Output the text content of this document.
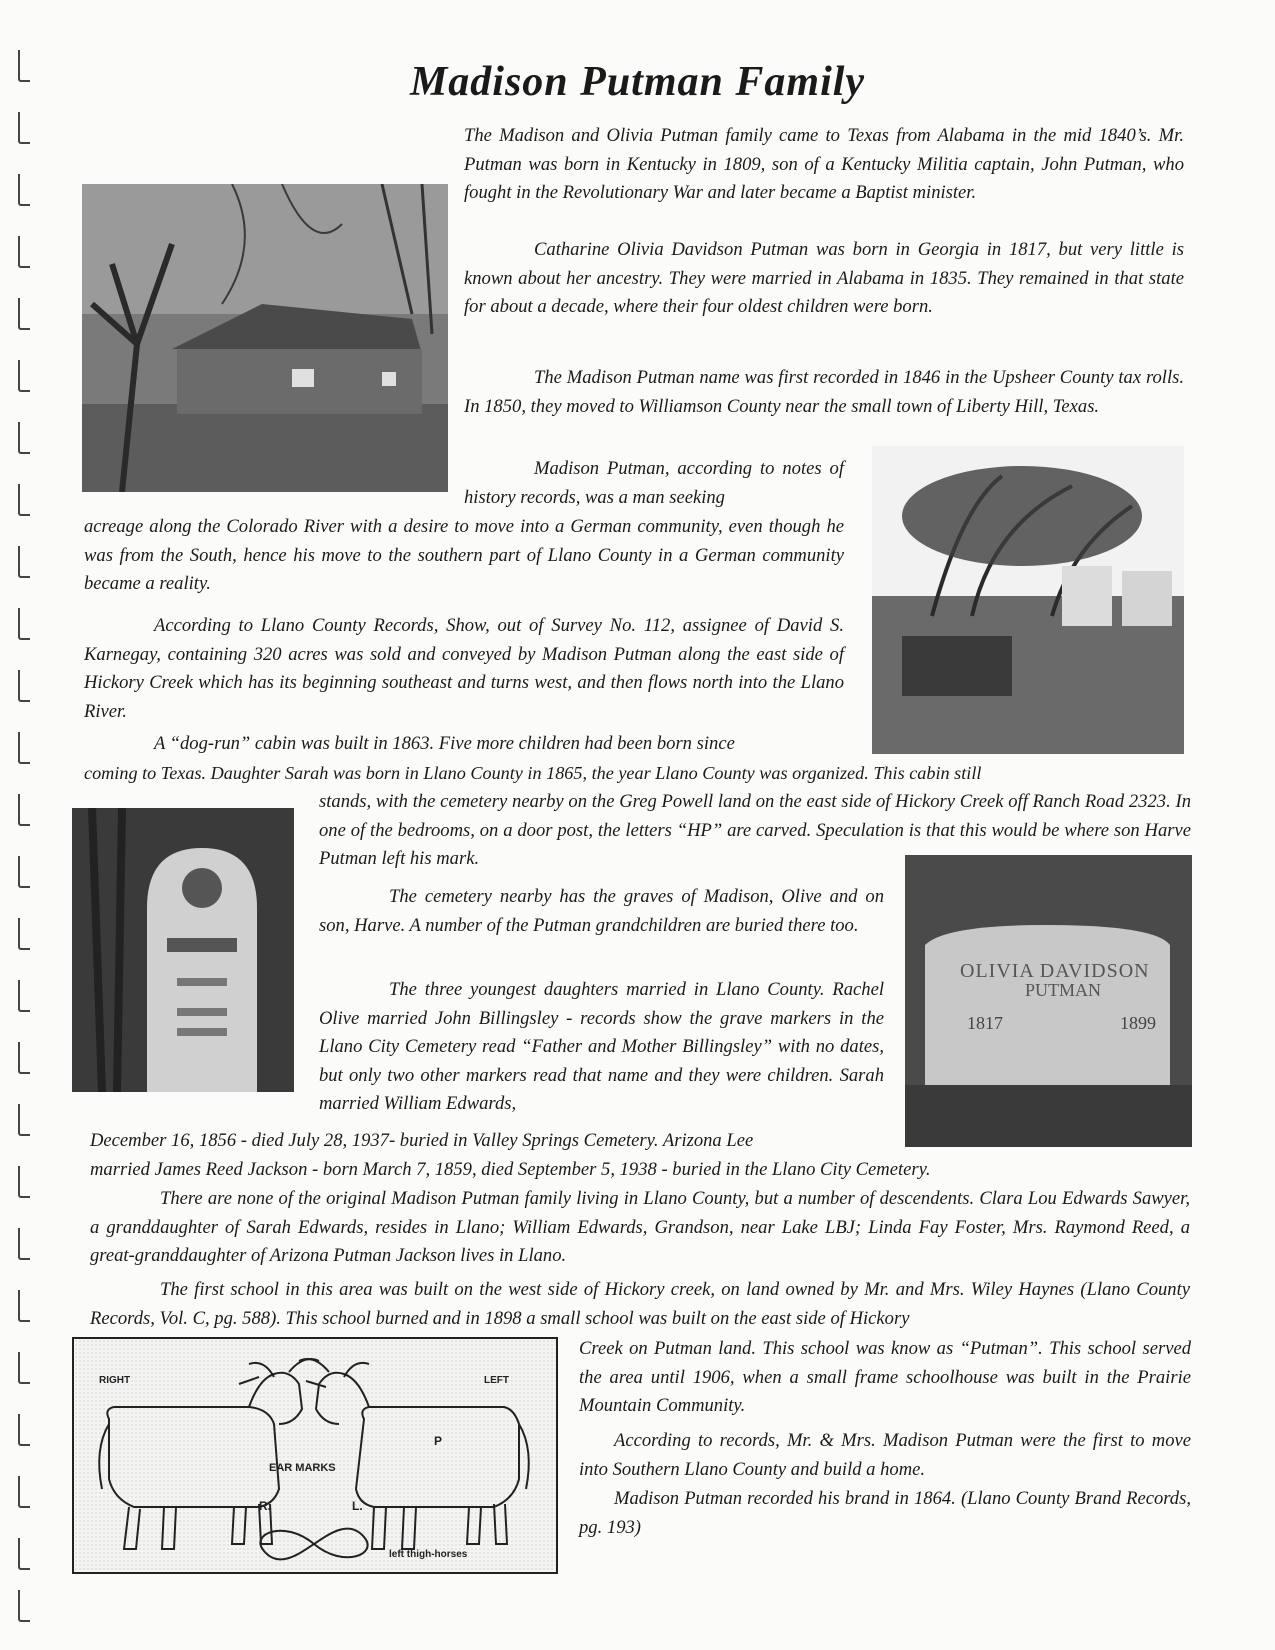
Madison Putman Family
OLIVIA DAVIDSON
PUTMAN
1817	1899

The Madison and Olivia Putman family came to Texas from Alabama in the mid 1840’s. Mr. Putman was born in Kentucky in 1809, son of a Kentucky Militia captain, John Putman, who fought in the Revolutionary War and later became a Baptist minister.

Catharine Olivia Davidson Putman was born in Georgia in 1817, but very little is known about her ancestry. They were married in Alabama in 1835. They remained in that state for about a decade, where their four oldest children were born.

The Madison Putman name was first recorded in 1846 in the Upsheer County tax rolls. In 1850, they moved to Williamson County near the small town of Liberty Hill, Texas.

Madison Putman, according to notes of history records, was a man seeking

acreage along the Colorado River with a desire to move into a German community, even though he was from the South, hence his move to the southern part of Llano County in a German community became a reality.

According to Llano County Records, Show, out of Survey No. 112, assignee of David S. Karnegay, containing 320 acres was sold and conveyed by Madison Putman along the east side of Hickory Creek which has its beginning southeast and turns west, and then flows north into the Llano River.

A “dog-run” cabin was built in 1863. Five more children had been born since

coming to Texas. Daughter Sarah was born in Llano County in 1865, the year Llano County was organized. This cabin still

stands, with the cemetery nearby on the Greg Powell land on the east side of Hickory Creek off Ranch Road 2323. In one of the bedrooms, on a door post, the letters “HP” are carved. Speculation is that this would be where son Harve Putman left his mark.

The cemetery nearby has the graves of Madison, Olive and on son, Harve. A number of the Putman grandchildren are buried there too.

The three youngest daughters married in Llano County. Rachel Olive married John Billingsley - records show the grave markers in the Llano City Cemetery read “Father and Mother Billingsley” with no dates, but only two other markers read that name and they were children. Sarah married William Edwards,

December 16, 1856 - died July 28, 1937- buried in Valley Springs Cemetery. Arizona Lee

married James Reed Jackson - born March 7, 1859, died September 5, 1938 - buried in the Llano City Cemetery.

There are none of the original Madison Putman family living in Llano County, but a number of descendents. Clara Lou Edwards Sawyer, a granddaughter of Sarah Edwards, resides in Llano; William Edwards, Grandson, near Lake LBJ; Linda Fay Foster, Mrs. Raymond Reed, a great-granddaughter of Arizona Putman Jackson lives in Llano.

The first school in this area was built on the west side of Hickory creek, on land owned by Mr. and Mrs. Wiley Haynes (Llano County Records, Vol. C, pg. 588). This school burned and in 1898 a small school was built on the east side of Hickory

Creek on Putman land. This school was know as “Putman”. This school served the area until 1906, when a small frame schoolhouse was built in the Prairie Mountain Community.

According to records, Mr. & Mrs. Madison Putman were the first to move into Southern Llano County and build a home.

Madison Putman recorded his brand in 1864. (Llano County Brand Records, pg. 193)

RIGHT	LEFT
EAR MARKS
P
R.	L.
left thigh-horses
